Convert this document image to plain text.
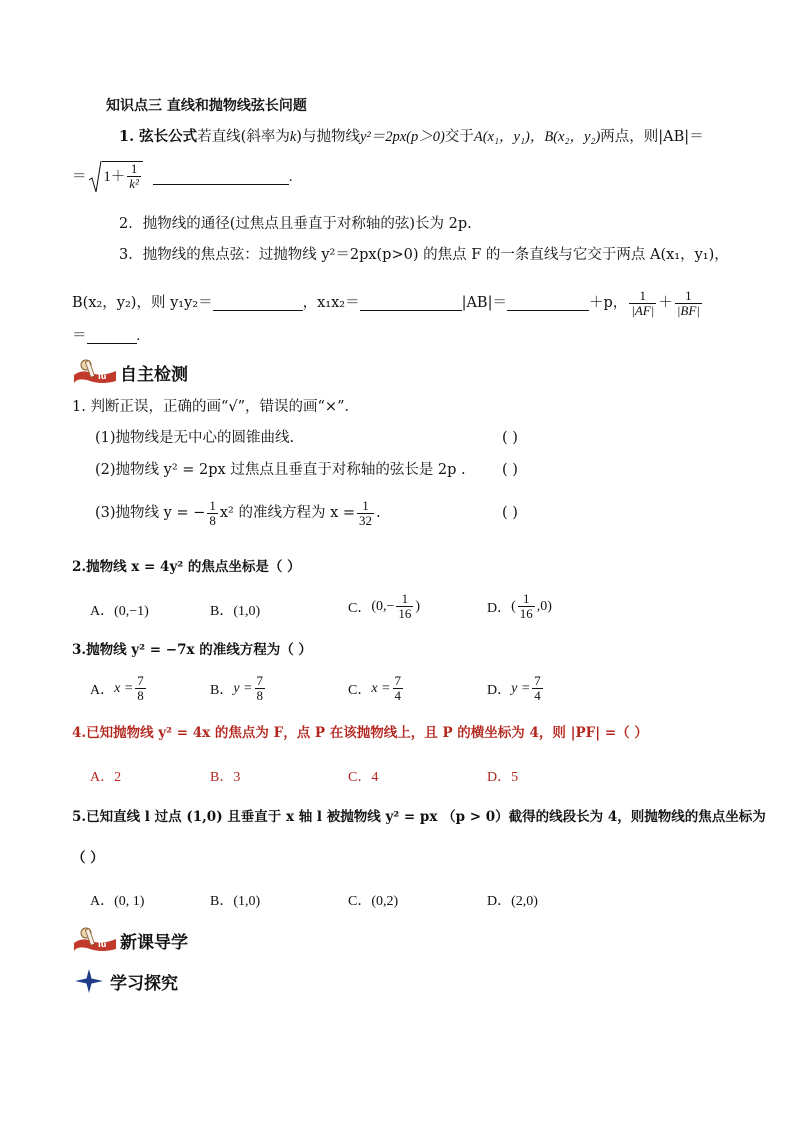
知识点三 直线和抛物线弦长问题
1. 弦长公式若直线(斜率为k)与抛物线y²＝2px(p＞0)交于A(x₁，y₁)，B(x₂，y₂)两点，则|AB|＝
＝ $1+ \frac{1}{\text{k²}}$	.
2．抛物线的通径(过焦点且垂直于对称轴的弦)长为 2p.
3．抛物线的焦点弦：过抛物线 y²＝2px(p>0) 的焦点 F 的一条直线与它交于两点 A(x₁，y₁)，
B(x₂，y₂)，则 y₁y₂＝	，x₁x₂＝	|AB|＝	＋p， $\frac{1}{|AF|} + \frac{1}{|BF|}$
＝	.
lu 自主检测
1. 判断正误，正确的画“√”，错误的画“×”．
(1)抛物线是无中心的圆锥曲线.	( )
(2)抛物线 y² = 2px 过焦点且垂直于对称轴的弦长是 2p .	( )
(3)抛物线 y = − $\frac{1}{8} x^2$ 的准线方程为 $x = \frac{1}{32}$ .	( )
2.抛物线 x = 4y² 的焦点坐标是（ ）
A．(0,−1)	B．(1,0)	C． ($0,- \frac{1}{16}$ )	D． ( $\frac{1}{16} ,0$)
3.抛物线 y² = −7x 的准线方程为（ ）
A． $x = \frac{7}{8}$	B． $y = \frac{7}{8}$	C． $x = \frac{7}{4}$	D． $y = \frac{7}{4}$
4.已知抛物线 y² = 4x 的焦点为 F，点 P 在该抛物线上，且 P 的横坐标为 4，则 |PF| =（ ）
A．2	B．3	C．4	D．5
5.已知直线 l 过点 (1,0) 且垂直于 x 轴 l 被抛物线 y² = px （p > 0）截得的线段长为 4，则抛物线的焦点坐标为
（ ）
A．(0, 1)	B．(1,0)	C．(0,2)	D．(2,0)
lu 新课导学
学习探究
